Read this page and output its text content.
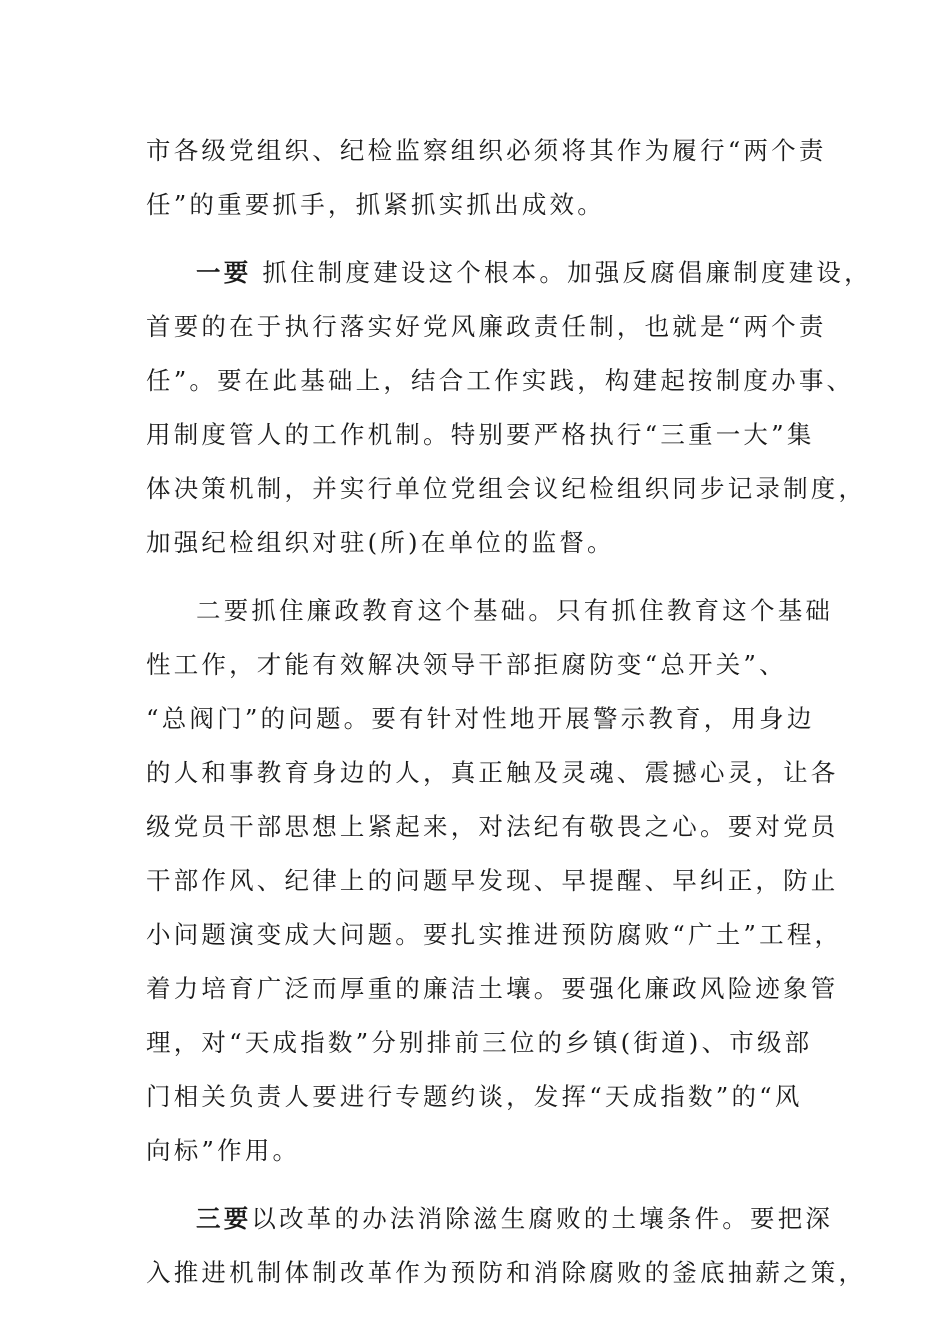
市各级党组织、纪检监察组织必须将其作为履行“两个责
任”的重要抓手，抓紧抓实抓出成效。
一要 抓住制度建设这个根本。加强反腐倡廉制度建设，
首要的在于执行落实好党风廉政责任制，也就是“两个责
任”。要在此基础上，结合工作实践，构建起按制度办事、
用制度管人的工作机制。特别要严格执行“三重一大”集
体决策机制，并实行单位党组会议纪检组织同步记录制度，
加强纪检组织对驻(所)在单位的监督。
二要抓住廉政教育这个基础。只有抓住教育这个基础
性工作，才能有效解决领导干部拒腐防变“总开关”、
“总阀门”的问题。要有针对性地开展警示教育，用身边
的人和事教育身边的人，真正触及灵魂、震撼心灵，让各
级党员干部思想上紧起来，对法纪有敬畏之心。要对党员
干部作风、纪律上的问题早发现、早提醒、早纠正，防止
小问题演变成大问题。要扎实推进预防腐败“广土”工程，
着力培育广泛而厚重的廉洁土壤。要强化廉政风险迹象管
理，对“天成指数”分别排前三位的乡镇(街道)、市级部
门相关负责人要进行专题约谈，发挥“天成指数”的“风
向标”作用。
三要以改革的办法消除滋生腐败的土壤条件。要把深
入推进机制体制改革作为预防和消除腐败的釜底抽薪之策，
